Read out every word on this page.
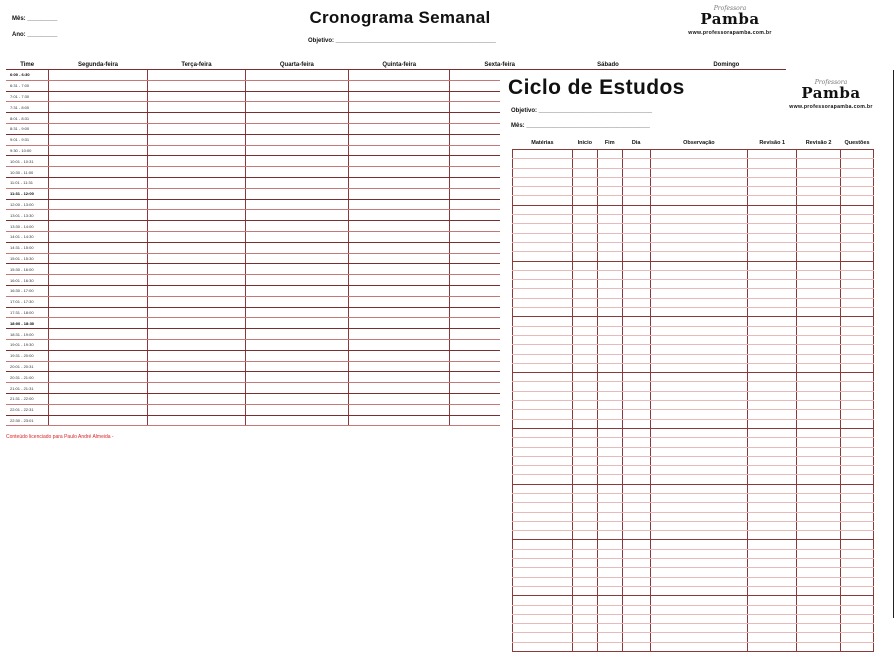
Mês: _________
Ano: _________
Cronograma Semanal
Objetivo: ________________________________________________
Professora
Pamba
www.professorapamba.com.br
Time	Segunda-feira	Terça-feira	Quarta-feira	Quinta-feira	Sexta-feira	Sábado	Domingo
6:00 - 6:30							
6:31 - 7:00							
7:01 - 7:30							
7:31 - 8:00							
8:01 - 8:31							
8:31 - 9:00							
9:01 - 9:31							
9:30 - 10:00							
10:01 - 10:31							
10:30 - 11:00							
11:01 - 11:31							
11:31 - 12:00							
12:00 - 13:00							
13:01 - 13:30							
13:30 - 14:00							
14:01 - 14:30							
14:31 - 15:00							
15:01 - 15:30							
15:30 - 16:00							
16:01 - 16:30							
16:30 - 17:00							
17:01 - 17:30							
17:31 - 18:00							
18:00 - 18:30							
18:31 - 19:00							
19:01 - 19:30							
19:31 - 20:00							
20:01 - 20:31							
20:31 - 21:00							
21:01 - 21:31							
21:31 - 22:00							
22:01 - 22:31							
22:30 - 23:01							
Conteúdo licenciado para Paulo André Almeida -
Ciclo de Estudos
Objetivo: __________________________________
Mês: _____________________________________
Professora
Pamba
www.professorapamba.com.br
Matérias	Inicio	Fim	Dia	Observação	Revisão 1	Revisão 2	Questões
